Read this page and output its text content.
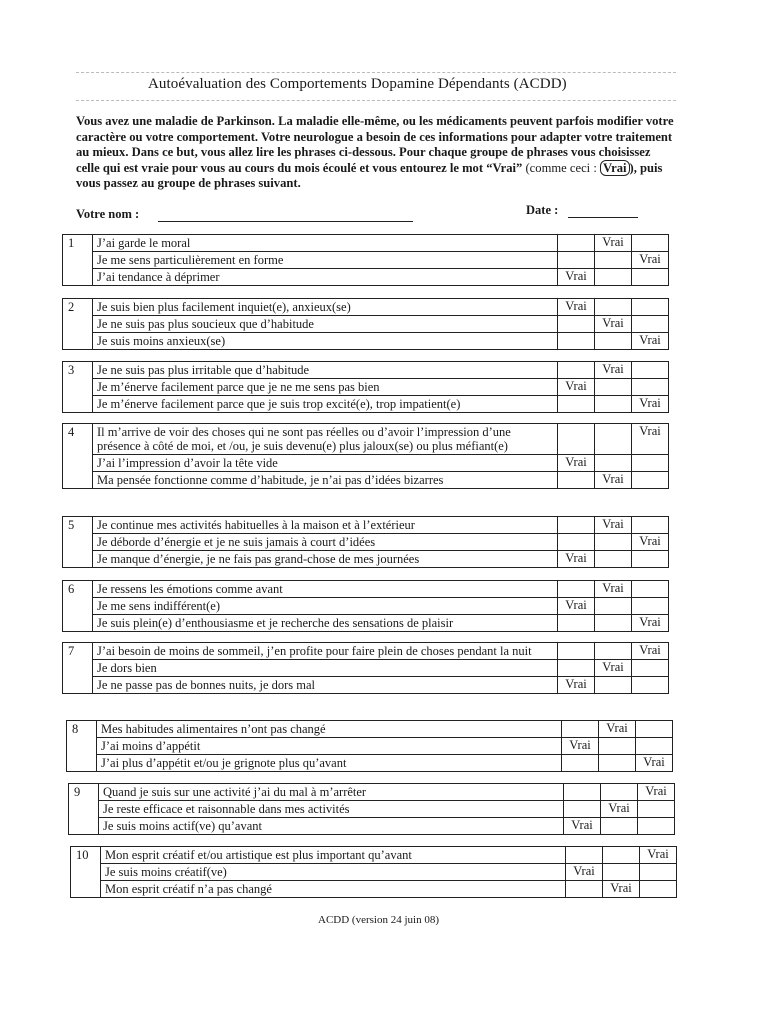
Autoévaluation des Comportements Dopamine Dépendants (ACDD)
Vous avez une maladie de Parkinson. La maladie elle-même, ou les médicaments peuvent parfois modifier votre caractère ou votre comportement. Votre neurologue a besoin de ces informations pour adapter votre traitement au mieux. Dans ce but, vous allez lire les phrases ci-dessous. Pour chaque groupe de phrases vous choisissez celle qui est vraie pour vous au cours du mois écoulé et vous entourez le mot “Vrai” (comme ceci : Vrai ), puis vous passez au groupe de phrases suivant.
Votre nom :	Date :
1	J’ai garde le moral		Vrai	
	Je me sens particulièrement en forme			Vrai
	J’ai tendance à déprimer	Vrai		
2	Je suis bien plus facilement inquiet(e), anxieux(se)	Vrai		
	Je ne suis pas plus soucieux que d’habitude		Vrai	
	Je suis moins anxieux(se)			Vrai
3	Je ne suis pas plus irritable que d’habitude		Vrai	
	Je m’énerve facilement parce que je ne me sens pas bien	Vrai		
	Je m’énerve facilement parce que je suis trop excité(e), trop impatient(e)			Vrai
4	Il m’arrive de voir des choses qui ne sont pas réelles ou d’avoir l’impression d’une présence à côté de moi, et /ou, je suis devenu(e) plus jaloux(se) ou plus méfiant(e)			Vrai
	J’ai l’impression d’avoir la tête vide	Vrai		
	Ma pensée fonctionne comme d’habitude, je n’ai pas d’idées bizarres		Vrai	
5	Je continue mes activités habituelles à la maison et à l’extérieur		Vrai	
	Je déborde d’énergie et je ne suis jamais à court d’idées			Vrai
	Je manque d’énergie, je ne fais pas grand-chose de mes journées	Vrai		
6	Je ressens les émotions comme avant		Vrai	
	Je me sens indifférent(e)	Vrai		
	Je suis plein(e) d’enthousiasme et je recherche des sensations de plaisir			Vrai
7	J’ai besoin de moins de sommeil, j’en profite pour faire plein de choses pendant la nuit			Vrai
	Je dors bien		Vrai	
	Je ne passe pas de bonnes nuits, je dors mal	Vrai		
8	Mes habitudes alimentaires n’ont pas changé		Vrai	
	J’ai moins d’appétit	Vrai		
	J’ai plus d’appétit et/ou je grignote plus qu’avant			Vrai
9	Quand je suis sur une activité j’ai du mal à m’arrêter			Vrai
	Je reste efficace et raisonnable dans mes activités		Vrai	
	Je suis moins actif(ve) qu’avant	Vrai		
10	Mon esprit créatif et/ou artistique est plus important qu’avant			Vrai
	Je suis moins créatif(ve)	Vrai		
	Mon esprit créatif n’a pas changé		Vrai	
ACDD (version 24 juin 08)
